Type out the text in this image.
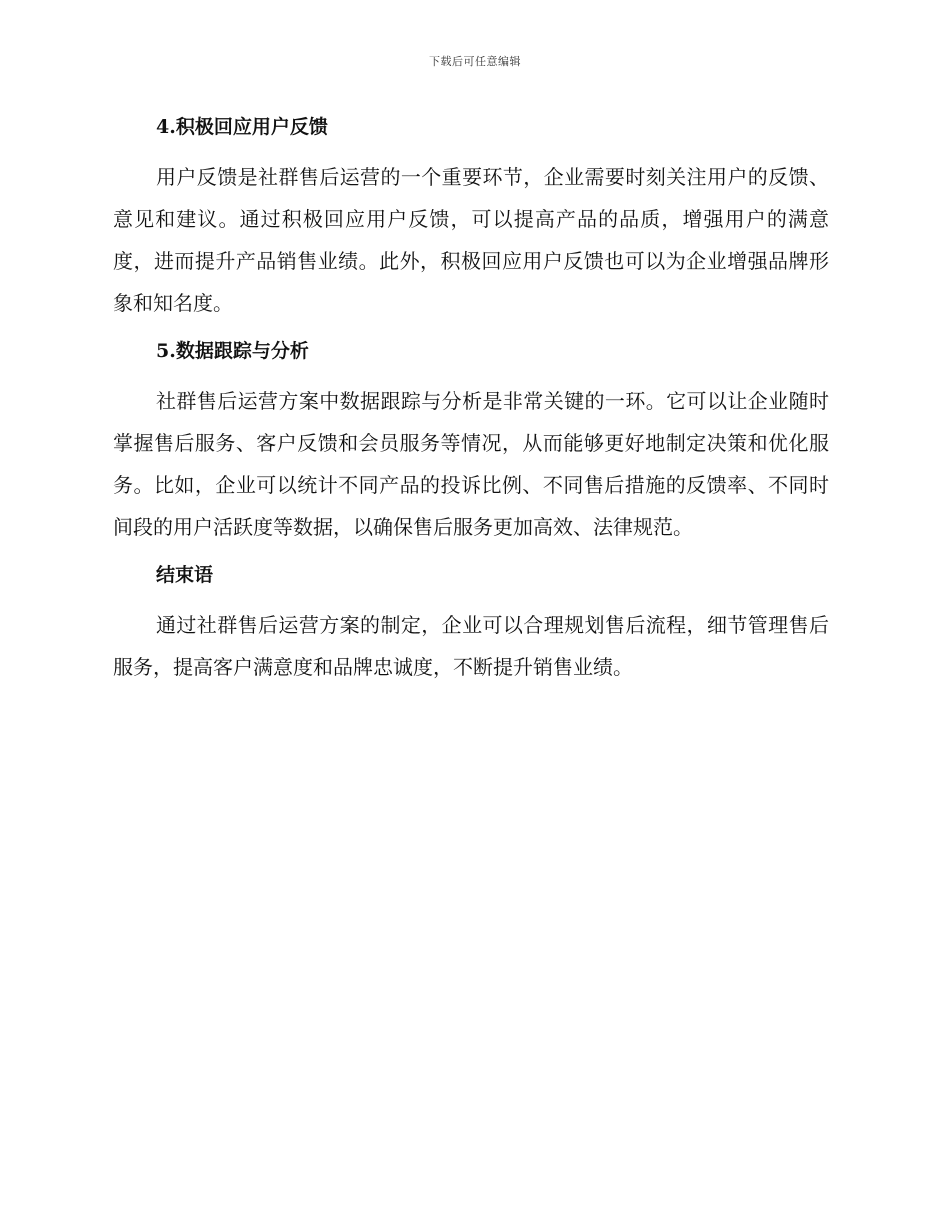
下载后可任意编辑
4.积极回应用户反馈

用户反馈是社群售后运营的一个重要环节，企业需要时刻关注用户的反馈、意见和建议。通过积极回应用户反馈，可以提高产品的品质，增强用户的满意度，进而提升产品销售业绩。此外，积极回应用户反馈也可以为企业增强品牌形象和知名度。

5.数据跟踪与分析

社群售后运营方案中数据跟踪与分析是非常关键的一环。它可以让企业随时掌握售后服务、客户反馈和会员服务等情况，从而能够更好地制定决策和优化服务。比如，企业可以统计不同产品的投诉比例、不同售后措施的反馈率、不同时间段的用户活跃度等数据，以确保售后服务更加高效、法律规范。

结束语

通过社群售后运营方案的制定，企业可以合理规划售后流程，细节管理售后服务，提高客户满意度和品牌忠诚度，不断提升销售业绩。
